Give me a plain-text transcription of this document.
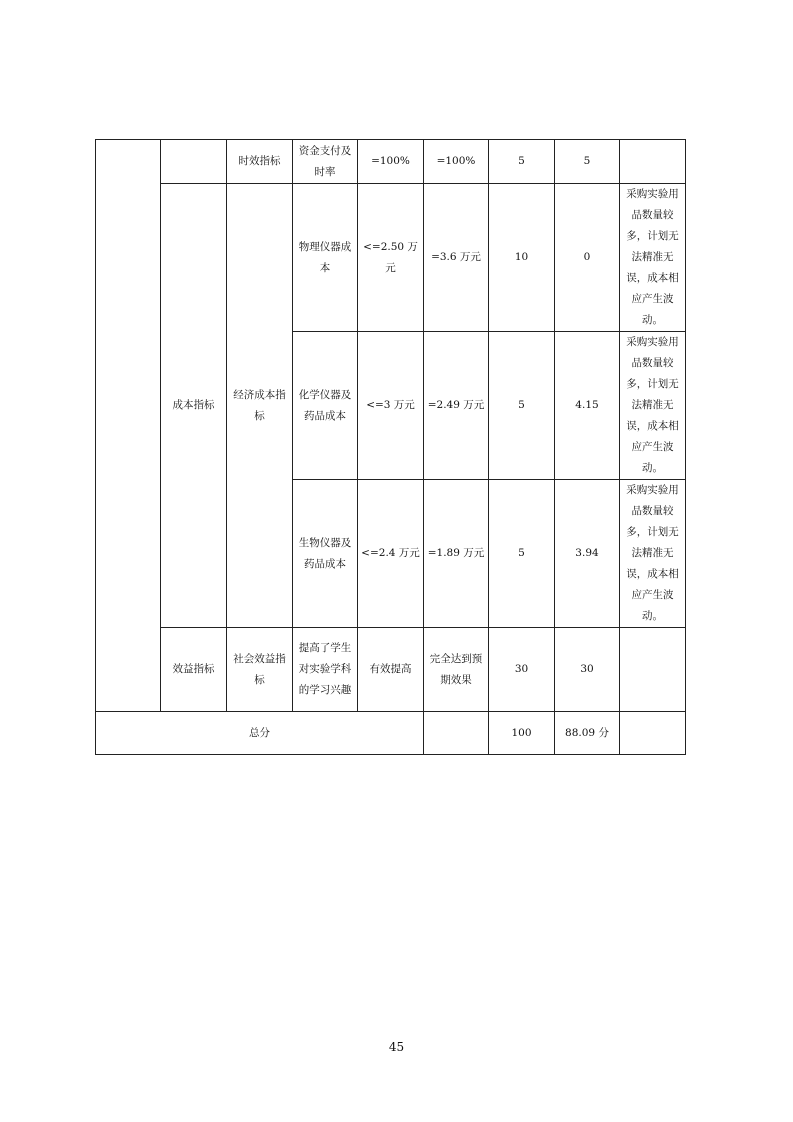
		时效指标	资金支付及时率	=100%	=100%	5	5	
	成本指标	经济成本指标	物理仪器成本	<=2.50 万元	=3.6 万元	10	0	采购实验用品数量较多，计划无法精准无误，成本相应产生波动。
			化学仪器及药品成本	<=3 万元	=2.49 万元	5	4.15	采购实验用品数量较多，计划无法精准无误，成本相应产生波动。
			生物仪器及药品成本	<=2.4 万元	=1.89 万元	5	3.94	采购实验用品数量较多，计划无法精准无误，成本相应产生波动。
	效益指标	社会效益指标	提高了学生对实验学科的学习兴趣	有效提高	完全达到预期效果	30	30	
总分						100	88.09 分	
45
